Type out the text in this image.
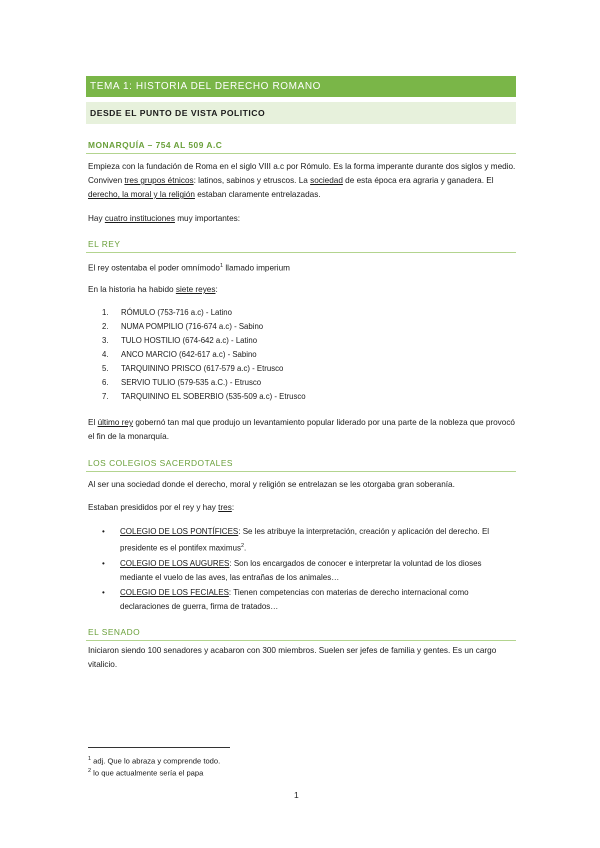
TEMA 1: HISTORIA DEL DERECHO ROMANO
DESDE EL PUNTO DE VISTA POLITICO
MONARQUÍA – 754 AL 509 A.C
Empieza con la fundación de Roma en el siglo VIII a.c por Rómulo. Es la forma imperante durante dos siglos y medio. Conviven tres grupos étnicos: latinos, sabinos y etruscos. La sociedad de esta época era agraria y ganadera. El derecho, la moral y la religión estaban claramente entrelazadas.
Hay cuatro instituciones muy importantes:
EL REY
El rey ostentaba el poder omnímodo$^1$ llamado imperium
En la historia ha habido siete reyes:
1. RÓMULO (753-716 a.c) - Latino
2. NUMA POMPILIO (716-674 a.c) - Sabino
3. TULO HOSTILIO (674-642 a.c) - Latino
4. ANCO MARCIO (642-617 a.c) - Sabino
5. TARQUININO PRISCO (617-579 a.c) - Etrusco
6. SERVIO TULIO (579-535 a.C.) - Etrusco
7. TARQUININO EL SOBERBIO (535-509 a.c) - Etrusco
El último rey gobernó tan mal que produjo un levantamiento popular liderado por una parte de la nobleza que provocó el fin de la monarquía.
LOS COLEGIOS SACERDOTALES
Al ser una sociedad donde el derecho, moral y religión se entrelazan se les otorgaba gran soberanía.
Estaban presididos por el rey y hay tres:
• COLEGIO DE LOS PONTÍFICES: Se les atribuye la interpretación, creación y aplicación del derecho. El presidente es el pontifex maximus$^2$.
• COLEGIO DE LOS AUGURES: Son los encargados de conocer e interpretar la voluntad de los dioses mediante el vuelo de las aves, las entrañas de los animales…
• COLEGIO DE LOS FECIALES: Tienen competencias con materias de derecho internacional como declaraciones de guerra, firma de tratados…
EL SENADO
Iniciaron siendo 100 senadores y acabaron con 300 miembros. Suelen ser jefes de familia y gentes. Es un cargo vitalicio.
$^1$ adj. Que lo abraza y comprende todo.
$^2$ lo que actualmente sería el papa
1
